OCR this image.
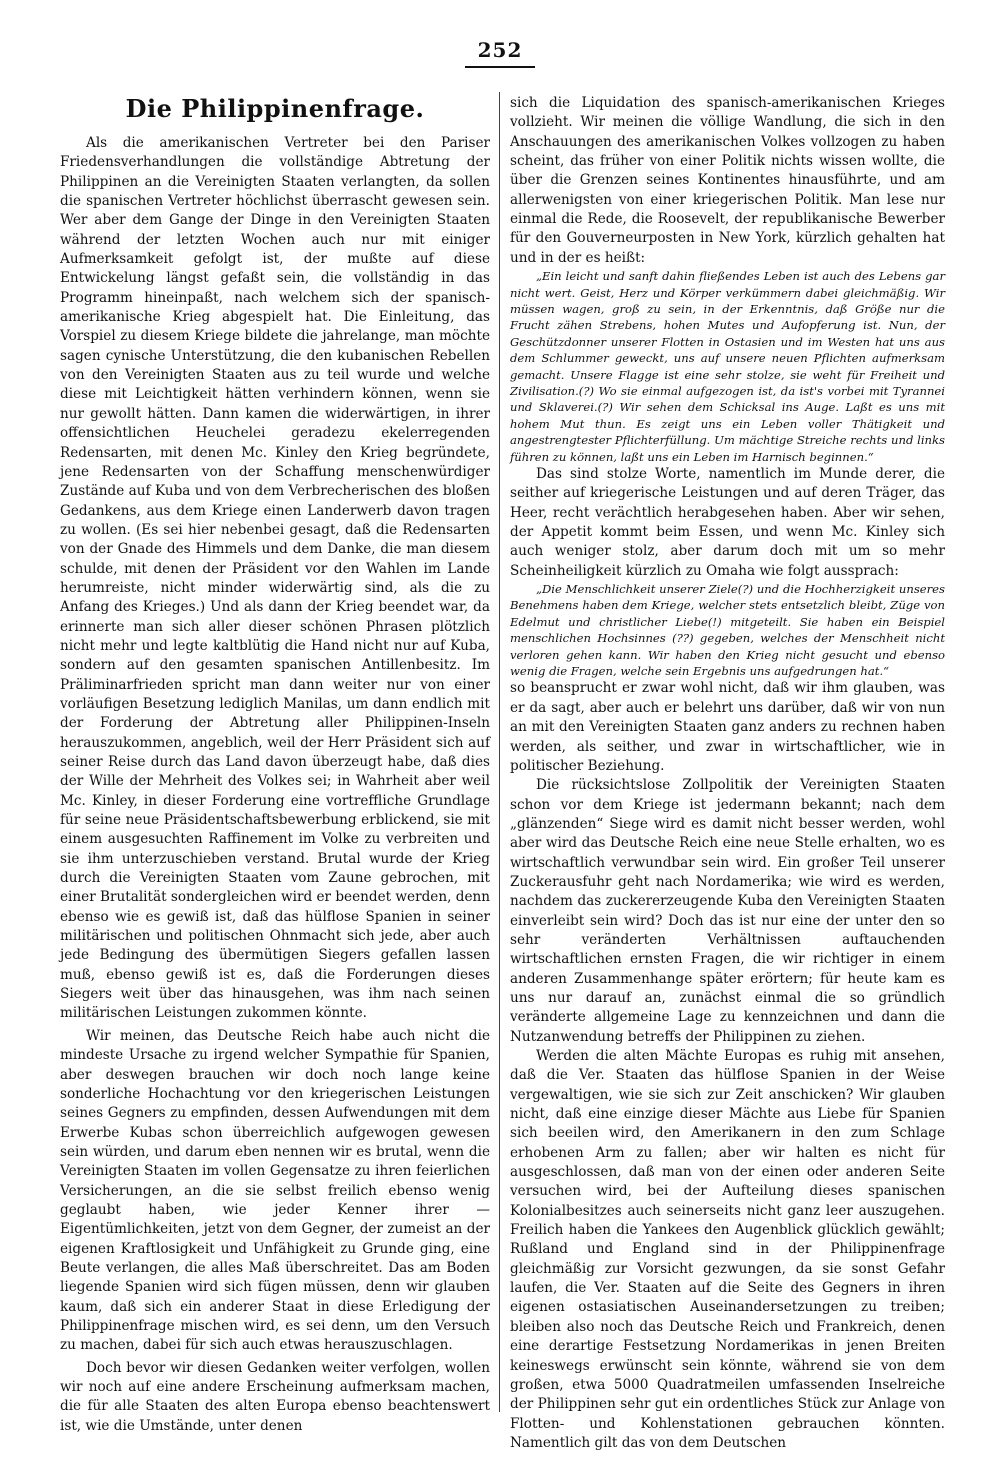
252
Die Philippinenfrage.

Als die amerikanischen Vertreter bei den Pariser Friedensverhandlungen die vollständige Abtretung der Philippinen an die Vereinigten Staaten verlangten, da sollen die spanischen Vertreter höchlichst überrascht gewesen sein. Wer aber dem Gange der Dinge in den Vereinigten Staaten während der letzten Wochen auch nur mit einiger Aufmerksamkeit gefolgt ist, der mußte auf diese Entwickelung längst gefaßt sein, die vollständig in das Programm hineinpaßt, nach welchem sich der spanisch-amerikanische Krieg abgespielt hat. Die Einleitung, das Vorspiel zu diesem Kriege bildete die jahrelange, man möchte sagen cynische Unterstützung, die den kubanischen Rebellen von den Vereinigten Staaten aus zu teil wurde und welche diese mit Leichtigkeit hätten verhindern können, wenn sie nur gewollt hätten. Dann kamen die widerwärtigen, in ihrer offensichtlichen Heuchelei geradezu ekelerregenden Redensarten, mit denen Mc. Kinley den Krieg begründete, jene Redensarten von der Schaffung menschenwürdiger Zustände auf Kuba und von dem Verbrecherischen des bloßen Gedankens, aus dem Kriege einen Landerwerb davon tragen zu wollen. (Es sei hier nebenbei gesagt, daß die Redensarten von der Gnade des Himmels und dem Danke, die man diesem schulde, mit denen der Präsident vor den Wahlen im Lande herumreiste, nicht minder widerwärtig sind, als die zu Anfang des Krieges.) Und als dann der Krieg beendet war, da erinnerte man sich aller dieser schönen Phrasen plötzlich nicht mehr und legte kaltblütig die Hand nicht nur auf Kuba, sondern auf den gesamten spanischen Antillenbesitz. Im Präliminarfrieden spricht man dann weiter nur von einer vorläufigen Besetzung lediglich Manilas, um dann endlich mit der Forderung der Abtretung aller Philippinen-Inseln herauszukommen, angeblich, weil der Herr Präsident sich auf seiner Reise durch das Land davon überzeugt habe, daß dies der Wille der Mehrheit des Volkes sei; in Wahrheit aber weil Mc. Kinley, in dieser Forderung eine vortreffliche Grundlage für seine neue Präsidentschaftsbewerbung erblickend, sie mit einem ausgesuchten Raffinement im Volke zu verbreiten und sie ihm unterzuschieben verstand. Brutal wurde der Krieg durch die Vereinigten Staaten vom Zaune gebrochen, mit einer Brutalität sondergleichen wird er beendet werden, denn ebenso wie es gewiß ist, daß das hülflose Spanien in seiner militärischen und politischen Ohnmacht sich jede, aber auch jede Bedingung des übermütigen Siegers gefallen lassen muß, ebenso gewiß ist es, daß die Forderungen dieses Siegers weit über das hinausgehen, was ihm nach seinen militärischen Leistungen zukommen könnte.

Wir meinen, das Deutsche Reich habe auch nicht die mindeste Ursache zu irgend welcher Sympathie für Spanien, aber deswegen brauchen wir doch noch lange keine sonderliche Hochachtung vor den kriegerischen Leistungen seines Gegners zu empfinden, dessen Aufwendungen mit dem Erwerbe Kubas schon überreichlich aufgewogen gewesen sein würden, und darum eben nennen wir es brutal, wenn die Vereinigten Staaten im vollen Gegensatze zu ihren feierlichen Versicherungen, an die sie selbst freilich ebenso wenig geglaubt haben, wie jeder Kenner ihrer — Eigentümlichkeiten, jetzt von dem Gegner, der zumeist an der eigenen Kraftlosigkeit und Unfähigkeit zu Grunde ging, eine Beute verlangen, die alles Maß überschreitet. Das am Boden liegende Spanien wird sich fügen müssen, denn wir glauben kaum, daß sich ein anderer Staat in diese Erledigung der Philippinenfrage mischen wird, es sei denn, um den Versuch zu machen, dabei für sich auch etwas herauszuschlagen.

Doch bevor wir diesen Gedanken weiter verfolgen, wollen wir noch auf eine andere Erscheinung aufmerksam machen, die für alle Staaten des alten Europa ebenso beachtenswert ist, wie die Umstände, unter denen

sich die Liquidation des spanisch-amerikanischen Krieges vollzieht. Wir meinen die völlige Wandlung, die sich in den Anschauungen des amerikanischen Volkes vollzogen zu haben scheint, das früher von einer Politik nichts wissen wollte, die über die Grenzen seines Kontinentes hinausführte, und am allerwenigsten von einer kriegerischen Politik. Man lese nur einmal die Rede, die Roosevelt, der republikanische Bewerber für den Gouverneurposten in New York, kürzlich gehalten hat und in der es heißt:

„Ein leicht und sanft dahin fließendes Leben ist auch des Lebens gar nicht wert. Geist, Herz und Körper verkümmern dabei gleichmäßig. Wir müssen wagen, groß zu sein, in der Erkenntnis, daß Größe nur die Frucht zähen Strebens, hohen Mutes und Aufopferung ist. Nun, der Geschützdonner unserer Flotten in Ostasien und im Westen hat uns aus dem Schlummer geweckt, uns auf unsere neuen Pflichten aufmerksam gemacht. Unsere Flagge ist eine sehr stolze, sie weht für Freiheit und Zivilisation.(?) Wo sie einmal aufgezogen ist, da ist's vorbei mit Tyrannei und Sklaverei.(?) Wir sehen dem Schicksal ins Auge. Laßt es uns mit hohem Mut thun. Es zeigt uns ein Leben voller Thätigkeit und angestrengtester Pflichterfüllung. Um mächtige Streiche rechts und links führen zu können, laßt uns ein Leben im Harnisch beginnen.“

Das sind stolze Worte, namentlich im Munde derer, die seither auf kriegerische Leistungen und auf deren Träger, das Heer, recht verächtlich herabgesehen haben. Aber wir sehen, der Appetit kommt beim Essen, und wenn Mc. Kinley sich auch weniger stolz, aber darum doch mit um so mehr Scheinheiligkeit kürzlich zu Omaha wie folgt aussprach:

„Die Menschlichkeit unserer Ziele(?) und die Hochherzigkeit unseres Benehmens haben dem Kriege, welcher stets entsetzlich bleibt, Züge von Edelmut und christlicher Liebe(!) mitgeteilt. Sie haben ein Beispiel menschlichen Hochsinnes (??) gegeben, welches der Menschheit nicht verloren gehen kann. Wir haben den Krieg nicht gesucht und ebenso wenig die Fragen, welche sein Ergebnis uns aufgedrungen hat.“

so beansprucht er zwar wohl nicht, daß wir ihm glauben, was er da sagt, aber auch er belehrt uns darüber, daß wir von nun an mit den Vereinigten Staaten ganz anders zu rechnen haben werden, als seither, und zwar in wirtschaftlicher, wie in politischer Beziehung.

Die rücksichtslose Zollpolitik der Vereinigten Staaten schon vor dem Kriege ist jedermann bekannt; nach dem „glänzenden“ Siege wird es damit nicht besser werden, wohl aber wird das Deutsche Reich eine neue Stelle erhalten, wo es wirtschaftlich verwundbar sein wird. Ein großer Teil unserer Zuckerausfuhr geht nach Nordamerika; wie wird es werden, nachdem das zuckererzeugende Kuba den Vereinigten Staaten einverleibt sein wird? Doch das ist nur eine der unter den so sehr veränderten Verhältnissen auftauchenden wirtschaftlichen ernsten Fragen, die wir richtiger in einem anderen Zusammenhange später erörtern; für heute kam es uns nur darauf an, zunächst einmal die so gründlich veränderte allgemeine Lage zu kennzeichnen und dann die Nutzanwendung betreffs der Philippinen zu ziehen.

Werden die alten Mächte Europas es ruhig mit ansehen, daß die Ver. Staaten das hülflose Spanien in der Weise vergewaltigen, wie sie sich zur Zeit anschicken? Wir glauben nicht, daß eine einzige dieser Mächte aus Liebe für Spanien sich beeilen wird, den Amerikanern in den zum Schlage erhobenen Arm zu fallen; aber wir halten es nicht für ausgeschlossen, daß man von der einen oder anderen Seite versuchen wird, bei der Aufteilung dieses spanischen Kolonialbesitzes auch seinerseits nicht ganz leer auszugehen. Freilich haben die Yankees den Augenblick glücklich gewählt; Rußland und England sind in der Philippinenfrage gleichmäßig zur Vorsicht gezwungen, da sie sonst Gefahr laufen, die Ver. Staaten auf die Seite des Gegners in ihren eigenen ostasiatischen Auseinandersetzungen zu treiben; bleiben also noch das Deutsche Reich und Frankreich, denen eine derartige Festsetzung Nordamerikas in jenen Breiten keineswegs erwünscht sein könnte, während sie von dem großen, etwa 5000 Quadratmeilen umfassenden Inselreiche der Philippinen sehr gut ein ordentliches Stück zur Anlage von Flotten- und Kohlenstationen gebrauchen könnten. Namentlich gilt das von dem Deutschen
